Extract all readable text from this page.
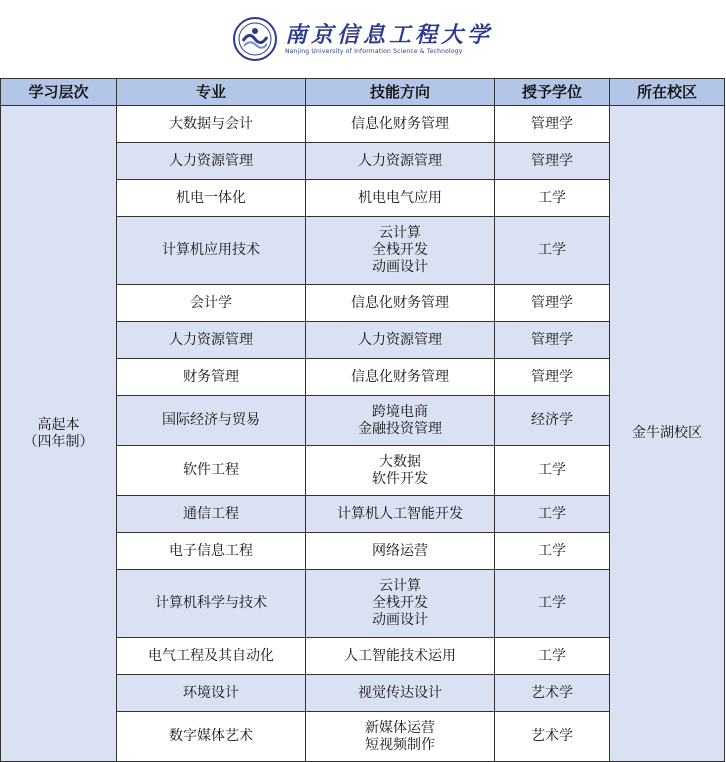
南京信息工程大学
Nanjing University of Information Science & Technology
学习层次	专业	技能方向	授予学位	所在校区

高起本
（四年制）	大数据与会计	信息化财务管理	管理学	金牛湖校区
	人力资源管理	人力资源管理	管理学	
	机电一体化	机电电气应用	工学	
	计算机应用技术	云计算
全栈开发
动画设计	工学	
	会计学	信息化财务管理	管理学	
	人力资源管理	人力资源管理	管理学	
	财务管理	信息化财务管理	管理学	
	国际经济与贸易	跨境电商
金融投资管理	经济学	
	软件工程	大数据
软件开发	工学	
	通信工程	计算机人工智能开发	工学	
	电子信息工程	网络运营	工学	
	计算机科学与技术	云计算
全栈开发
动画设计	工学	
	电气工程及其自动化	人工智能技术运用	工学	
	环境设计	视觉传达设计	艺术学	
	数字媒体艺术	新媒体运营
短视频制作	艺术学	
